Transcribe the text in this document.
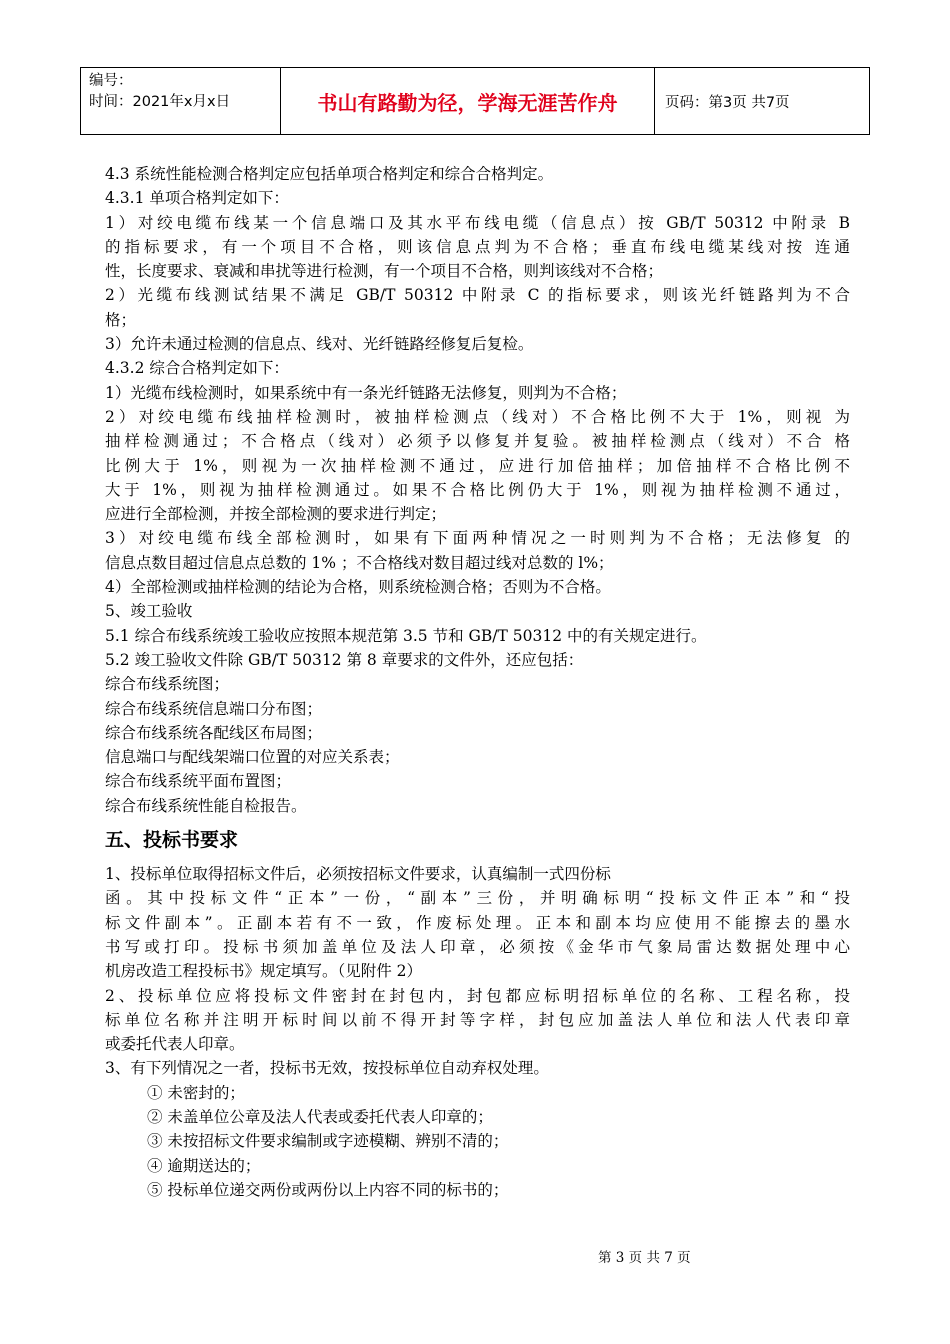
编号：
时间：2021年x月x日	书山有路勤为径，学海无涯苦作舟	页码：第3页 共7页
4.3 系统性能检测合格判定应包括单项合格判定和综合合格判定。
4.3.1 单项合格判定如下：
1）对绞电缆布线某一个信息端口及其水平布线电缆（信息点）按 GB/T 50312 中附录 B
的指标要求，有一个项目不合格，则该信息点判为不合格；垂直布线电缆某线对按 连通
性，长度要求、衰减和串扰等进行检测，有一个项目不合格，则判该线对不合格；
2）光缆布线测试结果不满足 GB/T 50312 中附录 C 的指标要求，则该光纤链路判为不合
格；
3）允许未通过检测的信息点、线对、光纤链路经修复后复检。
4.3.2 综合合格判定如下：
1）光缆布线检测时，如果系统中有一条光纤链路无法修复，则判为不合格；
2）对绞电缆布线抽样检测时，被抽样检测点（线对）不合格比例不大于 1%，则视 为
抽样检测通过；不合格点（线对）必须予以修复并复验。被抽样检测点（线对）不合 格
比例大于 1%，则视为一次抽样检测不通过，应进行加倍抽样；加倍抽样不合格比例不
大于 1%，则视为抽样检测通过。如果不合格比例仍大于 1%，则视为抽样检测不通过，
应进行全部检测，并按全部检测的要求进行判定；
3）对绞电缆布线全部检测时，如果有下面两种情况之一时则判为不合格；无法修复 的
信息点数目超过信息点总数的 1% ；不合格线对数目超过线对总数的 l%；
4）全部检测或抽样检测的结论为合格，则系统检测合格；否则为不合格。
5、竣工验收
5.1 综合布线系统竣工验收应按照本规范第 3.5 节和 GB/T 50312 中的有关规定进行。
5.2 竣工验收文件除 GB/T 50312 第 8 章要求的文件外，还应包括：
综合布线系统图；
综合布线系统信息端口分布图；
综合布线系统各配线区布局图；
信息端口与配线架端口位置的对应关系表；
综合布线系统平面布置图；
综合布线系统性能自检报告。
五、投标书要求
1、投标单位取得招标文件后，必须按招标文件要求，认真编制一式四份标
函。其中投标文件“正本”一份，“副本”三份，并明确标明“投标文件正本”和“投
标文件副本”。正副本若有不一致，作废标处理。正本和副本均应使用不能擦去的墨水
书写或打印。投标书须加盖单位及法人印章，必须按《金华市气象局雷达数据处理中心
机房改造工程投标书》规定填写。（见附件 2）
2、投标单位应将投标文件密封在封包内，封包都应标明招标单位的名称、工程名称，投
标单位名称并注明开标时间以前不得开封等字样，封包应加盖法人单位和法人代表印章
或委托代表人印章。
3、有下列情况之一者，投标书无效，按投标单位自动弃权处理。
① 未密封的；
② 未盖单位公章及法人代表或委托代表人印章的；
③ 未按招标文件要求编制或字迹模糊、辨别不清的；
④ 逾期送达的；
⑤ 投标单位递交两份或两份以上内容不同的标书的；
第 3 页 共 7 页
